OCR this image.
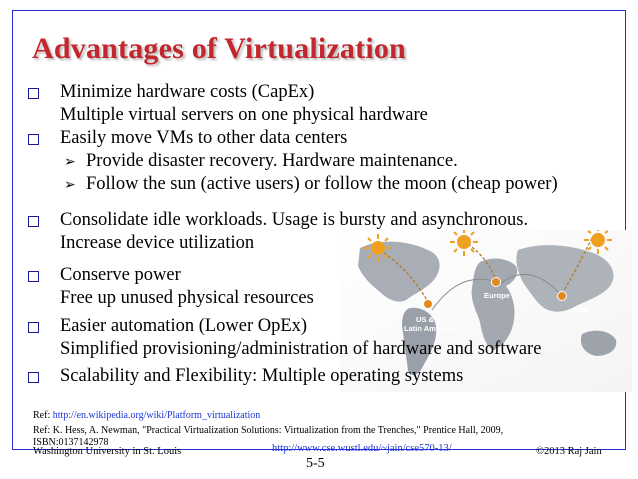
Advantages of Virtualization
Minimize hardware costs (CapEx)
Multiple virtual servers on one physical hardware
Easily move VMs to other data centers
➢ Provide disaster recovery. Hardware maintenance.
➢ Follow the sun (active users) or follow the moon (cheap power)
Consolidate idle workloads. Usage is bursty and asynchronous.
Increase device utilization
US &
Latin America
Europe
Asia
Conserve power
Free up unused physical resources
Easier automation (Lower OpEx)
Simplified provisioning/administration of hardware and software
Scalability and Flexibility: Multiple operating systems
Ref: http://en.wikipedia.org/wiki/Platform_virtualization
Ref: K. Hess, A. Newman, "Practical Virtualization Solutions: Virtualization from the Trenches," Prentice Hall, 2009,
ISBN:0137142978
Washington University in St. Louis	http://www.cse.wustl.edu/~jain/cse570-13/	©2013 Raj Jain
5-5
